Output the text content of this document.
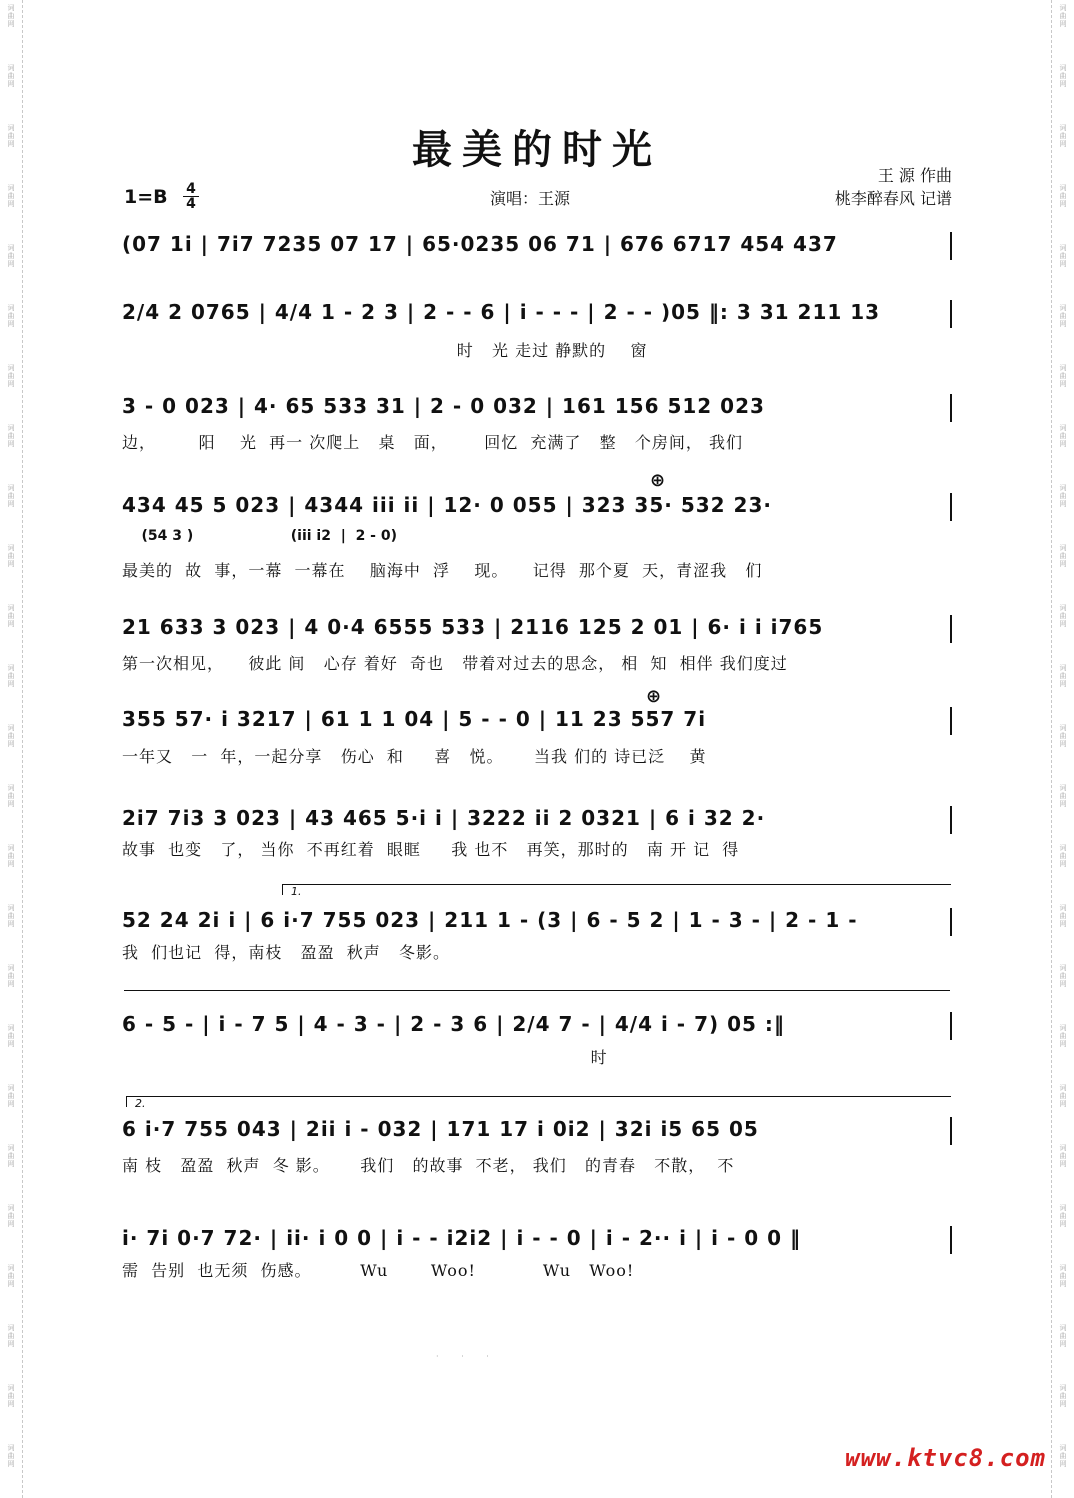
词
曲
网
词
曲
网
词
曲
网
词
曲
网
词
曲
网
词
曲
网
词
曲
网
词
曲
网
词
曲
网
词
曲
网
词
曲
网
词
曲
网
词
曲
网
词
曲
网
词
曲
网
词
曲
网
词
曲
网
词
曲
网
词
曲
网
词
曲
网
词
曲
网
词
曲
网
词
曲
网
词
曲
网
词
曲
网
词
曲
网
词
曲
网
词
曲
网
词
曲
网
词
曲
网
词
曲
网
词
曲
网
词
曲
网
词
曲
网
词
曲
网
词
曲
网
词
曲
网
词
曲
网
词
曲
网
词
曲
网
词
曲
网
词
曲
网
词
曲
网
词
曲
网
词
曲
网
词
曲
网
词
曲
网
词
曲
网
词
曲
网
词
曲
网
最美的时光
王 源 作曲
桃李醉春风 记谱
演唱：王源
1=B 4
4
(07 1i | 7i7 7235 07 17 | 65·0235 06 71 | 676 6717 454 437
2/4 2 0765 | 4/4 1 - 2 3 | 2 - - 6 | i - - - | 2 - - )05 ‖: 3 31 211 13
时   光 走过 静默的    窗
3 - 0 023 | 4· 65 533 31 | 2 - 0 032 | 161 156 512 023
边，       阳    光  再一 次爬上   桌   面，      回忆  充满了   整   个房间， 我们
434 45 5 023 | 4344 iii ii | 12· 0 055 | 323 35· 532 23·
(54 3 )                    (iii i2  |  2 - 0)
最美的  故  事，一幕  一幕在    脑海中  浮    现。    记得  那个夏  天，青涩我   们
21 633 3 023 | 4 0·4 6555 533 | 2116 125 2 01 | 6· i i i765
第一次相见，    彼此 间   心存 着好  奇也   带着对过去的思念， 相  知  相伴 我们度过
355 57· i 3217 | 61 1 1 04 | 5 - - 0 | 11 23 557 7i
一年又   一  年，一起分享   伤心  和     喜   悦。     当我 们的 诗已泛    黄
2i7 7i3 3 023 | 43 465 5·i i | 3222 ii 2 0321 | 6 i 32 2·
故事  也变   了， 当你  不再红着  眼眶     我 也不   再笑，那时的   南 开 记  得
52 24 2i i | 6 i·7 755 023 | 211 1 - (3 | 6 - 5 2 | 1 - 3 - | 2 - 1 -
我  们也记  得，南枝   盈盈  秋声   冬影。
6 - 5 - | i - 7 5 | 4 - 3 - | 2 - 3 6 | 2/4 7 - | 4/4 i - 7) 05 :‖
时
6 i·7 755 043 | 2ii i - 032 | 171 17 i 0i2 | 32i i5 65 05
南 枝   盈盈  秋声  冬 影。     我们   的故事  不老， 我们   的青春   不散，  不
i· 7i 0·7 72· | ii· i 0 0 | i - - i2i2 | i - - 0 | i - 2·· i | i - 0 0 ‖
需  告别  也无须  伤感。        Wu       Woo!           Wu   Woo!
1.
2.
⊕
⊕
· · ·
www.ktvc8.com
